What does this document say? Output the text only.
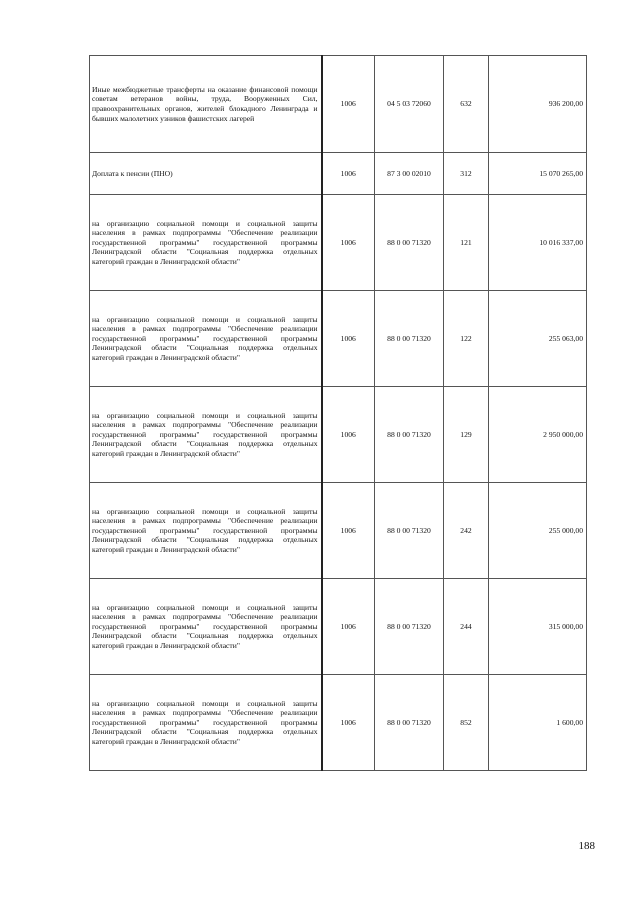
Иные межбюджетные трансферты на оказание финансовой помощи советам ветеранов войны, труда, Вооруженных Сил, правоохранительных органов, жителей блокадного Ленинграда и бывших малолетних узников фашистских лагерей	1006	04 5 03 72060	632	936 200,00
Доплата к пенсии (ПНО)	1006	87 3 00 02010	312	15 070 265,00
на организацию социальной помощи и социальной защиты населения в рамках подпрограммы "Обеспечение реализации государственной программы" государственной программы Ленинградской области "Социальная поддержка отдельных категорий граждан в Ленинградской области"	1006	88 0 00 71320	121	10 016 337,00
на организацию социальной помощи и социальной защиты населения в рамках подпрограммы "Обеспечение реализации государственной программы" государственной программы Ленинградской области "Социальная поддержка отдельных категорий граждан в Ленинградской области"	1006	88 0 00 71320	122	255 063,00
на организацию социальной помощи и социальной защиты населения в рамках подпрограммы "Обеспечение реализации государственной программы" государственной программы Ленинградской области "Социальная поддержка отдельных категорий граждан в Ленинградской области"	1006	88 0 00 71320	129	2 950 000,00
на организацию социальной помощи и социальной защиты населения в рамках подпрограммы "Обеспечение реализации государственной программы" государственной программы Ленинградской области "Социальная поддержка отдельных категорий граждан в Ленинградской области"	1006	88 0 00 71320	242	255 000,00
на организацию социальной помощи и социальной защиты населения в рамках подпрограммы "Обеспечение реализации государственной программы" государственной программы Ленинградской области "Социальная поддержка отдельных категорий граждан в Ленинградской области"	1006	88 0 00 71320	244	315 000,00
на организацию социальной помощи и социальной защиты населения в рамках подпрограммы "Обеспечение реализации государственной программы" государственной программы Ленинградской области "Социальная поддержка отдельных категорий граждан в Ленинградской области"	1006	88 0 00 71320	852	1 600,00
188
